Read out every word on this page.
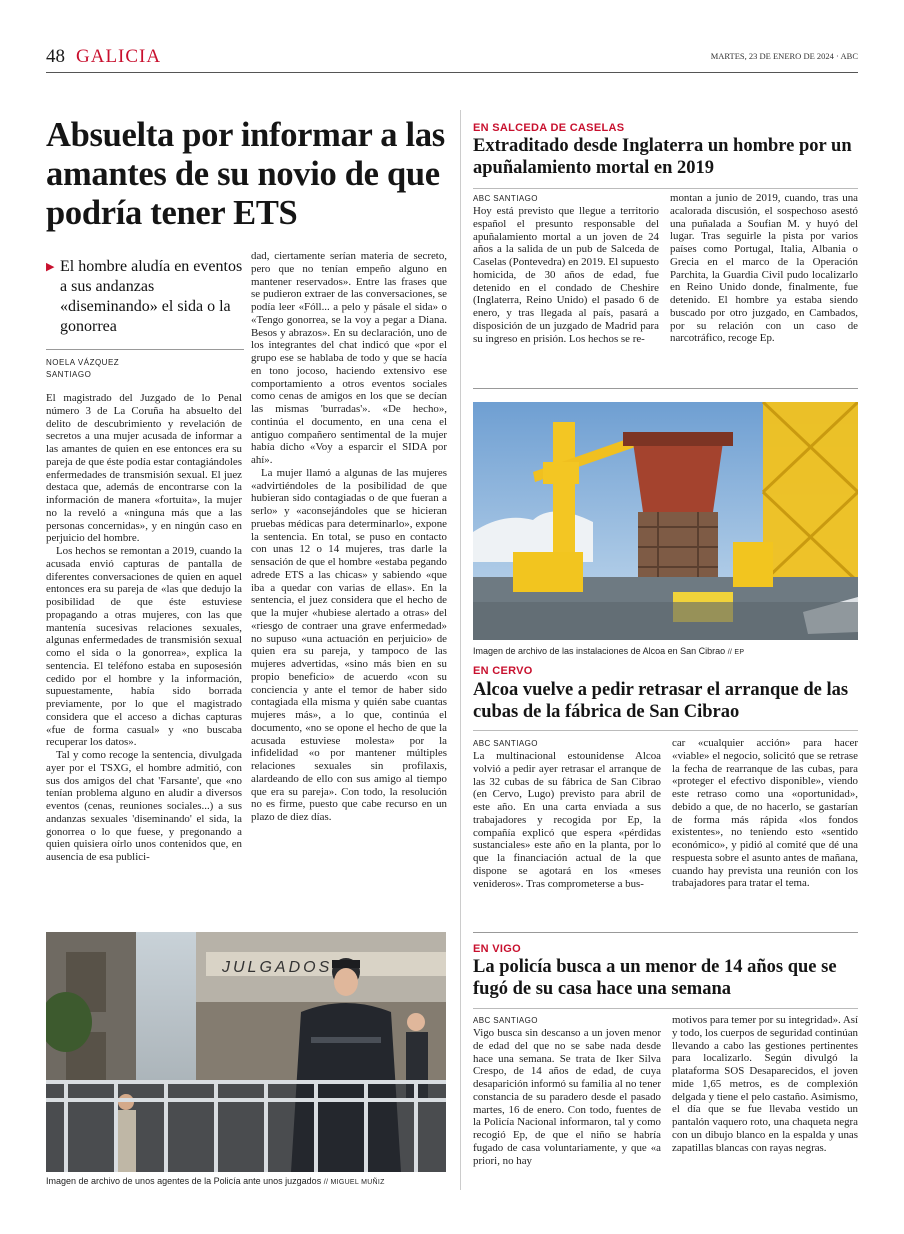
48 GALICIA	MARTES, 23 DE ENERO DE 2024 · ABC
Absuelta por informar a las amantes de su novio de que podría tener ETS
▶ El hombre aludía en eventos a sus andanzas «diseminando» el sida o la gonorrea
NOELA VÁZQUEZ
SANTIAGO

El magistrado del Juzgado de lo Penal número 3 de La Coruña ha absuelto del delito de descubrimiento y revelación de secretos a una mujer acusada de informar a las amantes de quien en ese entonces era su pareja de que éste podía estar contagiándoles enfermedades de transmisión sexual. El juez destaca que, además de encontrarse con la información de manera «fortuita», la mujer no la reveló a «ninguna más que a las personas concernidas», y en ningún caso en perjuicio del hombre.

Los hechos se remontan a 2019, cuando la acusada envió capturas de pantalla de diferentes conversaciones de quien en aquel entonces era su pareja de «las que dedujo la posibilidad de que éste estuviese propagando a otras mujeres, con las que mantenía sucesivas relaciones sexuales, algunas enfermedades de transmisión sexual como el sida o la gonorrea», explica la sentencia. El teléfono estaba en suposesión cedido por el hombre y la información, supuestamente, había sido borrada previamente, por lo que el magistrado considera que el acceso a dichas capturas «fue de forma casual» y «no buscaba recuperar los datos».

Tal y como recoge la sentencia, divulgada ayer por el TSXG, el hombre admitió, con sus dos amigos del chat 'Farsante', que «no tenían problema alguno en aludir a diversos eventos (cenas, reuniones sociales...) a sus andanzas sexuales 'diseminando' el sida, la gonorrea o lo que fuese, y pregonando a quien quisiera oírlo unos contenidos que, en ausencia de esa publici-

dad, ciertamente serían materia de secreto, pero que no tenían empeño alguno en mantener reservados». Entre las frases que se pudieron extraer de las conversaciones, se podía leer «Fóll... a pelo y pásale el sida» o «Tengo gonorrea, se la voy a pegar a Diana. Besos y abrazos». En su declaración, uno de los integrantes del chat indicó que «por el grupo ese se hablaba de todo y que se hacía en tono jocoso, haciendo extensivo ese comportamiento a otros eventos sociales como cenas de amigos en los que se decían las mismas 'burradas'». «De hecho», continúa el documento, en una cena el antiguo compañero sentimental de la mujer había dicho «Voy a esparcir el SIDA por ahí».

La mujer llamó a algunas de las mujeres «advirtiéndoles de la posibilidad de que hubieran sido contagiadas o de que fueran a serlo» y «aconsejándoles que se hicieran pruebas médicas para determinarlo», expone la sentencia. En total, se puso en contacto con unas 12 o 14 mujeres, tras darle la sensación de que el hombre «estaba pegando adrede ETS a las chicas» y sabiendo «que iba a quedar con varias de ellas». En la sentencia, el juez considera que el hecho de que la mujer «hubiese alertado a otras» del «riesgo de contraer una grave enfermedad» no supuso «una actuación en perjuicio» de quien era su pareja, y tampoco de las mujeres advertidas, «sino más bien en su propio beneficio» de acuerdo «con su conciencia y ante el temor de haber sido contagiada ella misma y quién sabe cuantas mujeres más», a lo que, continúa el documento, «no se opone el hecho de que la acusada estuviese molesta» por la infidelidad «o por mantener múltiples relaciones sexuales sin profilaxis, alardeando de ello con sus amigo al tiempo que era su pareja». Con todo, la resolución no es firme, puesto que cabe recurso en un plazo de diez días.

JULGADOS
Imagen de archivo de unos agentes de la Policía ante unos juzgados // MIGUEL MUÑIZ
EN SALCEDA DE CASELAS
Extraditado desde Inglaterra un hombre por un apuñalamiento mortal en 2019
ABC SANTIAGO

Hoy está previsto que llegue a territorio español el presunto responsable del apuñalamiento mortal a un joven de 24 años a la salida de un pub de Salceda de Caselas (Pontevedra) en 2019. El supuesto homicida, de 30 años de edad, fue detenido en el condado de Cheshire (Inglaterra, Reino Unido) el pasado 6 de enero, y tras llegada al país, pasará a disposición de un juzgado de Madrid para su ingreso en prisión. Los hechos se re-

montan a junio de 2019, cuando, tras una acalorada discusión, el sospechoso asestó una puñalada a Soufian M. y huyó del lugar. Tras seguirle la pista por varios países como Portugal, Italia, Albania o Grecia en el marco de la Operación Parchita, la Guardia Civil pudo localizarlo en Reino Unido donde, finalmente, fue detenido. El hombre ya estaba siendo buscado por otro juzgado, en Cambados, por su relación con un caso de narcotráfico, recoge Ep.

Imagen de archivo de las instalaciones de Alcoa en San Cibrao // EP
EN CERVO
Alcoa vuelve a pedir retrasar el arranque de las cubas de la fábrica de San Cibrao
ABC SANTIAGO

La multinacional estounidense Alcoa volvió a pedir ayer retrasar el arranque de las 32 cubas de su fábrica de San Cibrao (en Cervo, Lugo) previsto para abril de este año. En una carta enviada a sus trabajadores y recogida por Ep, la compañía explicó que espera «pérdidas sustanciales» este año en la planta, por lo que la financiación actual de la que dispone se agotará en los «meses venideros». Tras comprometerse a bus-

car «cualquier acción» para hacer «viable» el negocio, solicitó que se retrase la fecha de rearranque de las cubas, para «proteger el efectivo disponible», viendo este retraso como una «oportunidad», debido a que, de no hacerlo, se gastarían de forma más rápida «los fondos existentes», no teniendo esto «sentido económico», y pidió al comité que dé una respuesta sobre el asunto antes de mañana, cuando hay prevista una reunión con los trabajadores para tratar el tema.

EN VIGO
La policía busca a un menor de 14 años que se fugó de su casa hace una semana
ABC SANTIAGO

Vigo busca sin descanso a un joven menor de edad del que no se sabe nada desde hace una semana. Se trata de Iker Silva Crespo, de 14 años de edad, de cuya desaparición informó su familia al no tener constancia de su paradero desde el pasado martes, 16 de enero. Con todo, fuentes de la Policía Nacional informaron, tal y como recogió Ep, de que el niño se habría fugado de casa voluntariamente, y que «a priori, no hay

motivos para temer por su integridad». Así y todo, los cuerpos de seguridad continúan llevando a cabo las gestiones pertinentes para localizarlo. Según divulgó la plataforma SOS Desaparecidos, el joven mide 1,65 metros, es de complexión delgada y tiene el pelo castaño. Asimismo, el día que se fue llevaba vestido un pantalón vaquero roto, una chaqueta negra con un dibujo blanco en la espalda y unas zapatillas blancas con rayas negras.
